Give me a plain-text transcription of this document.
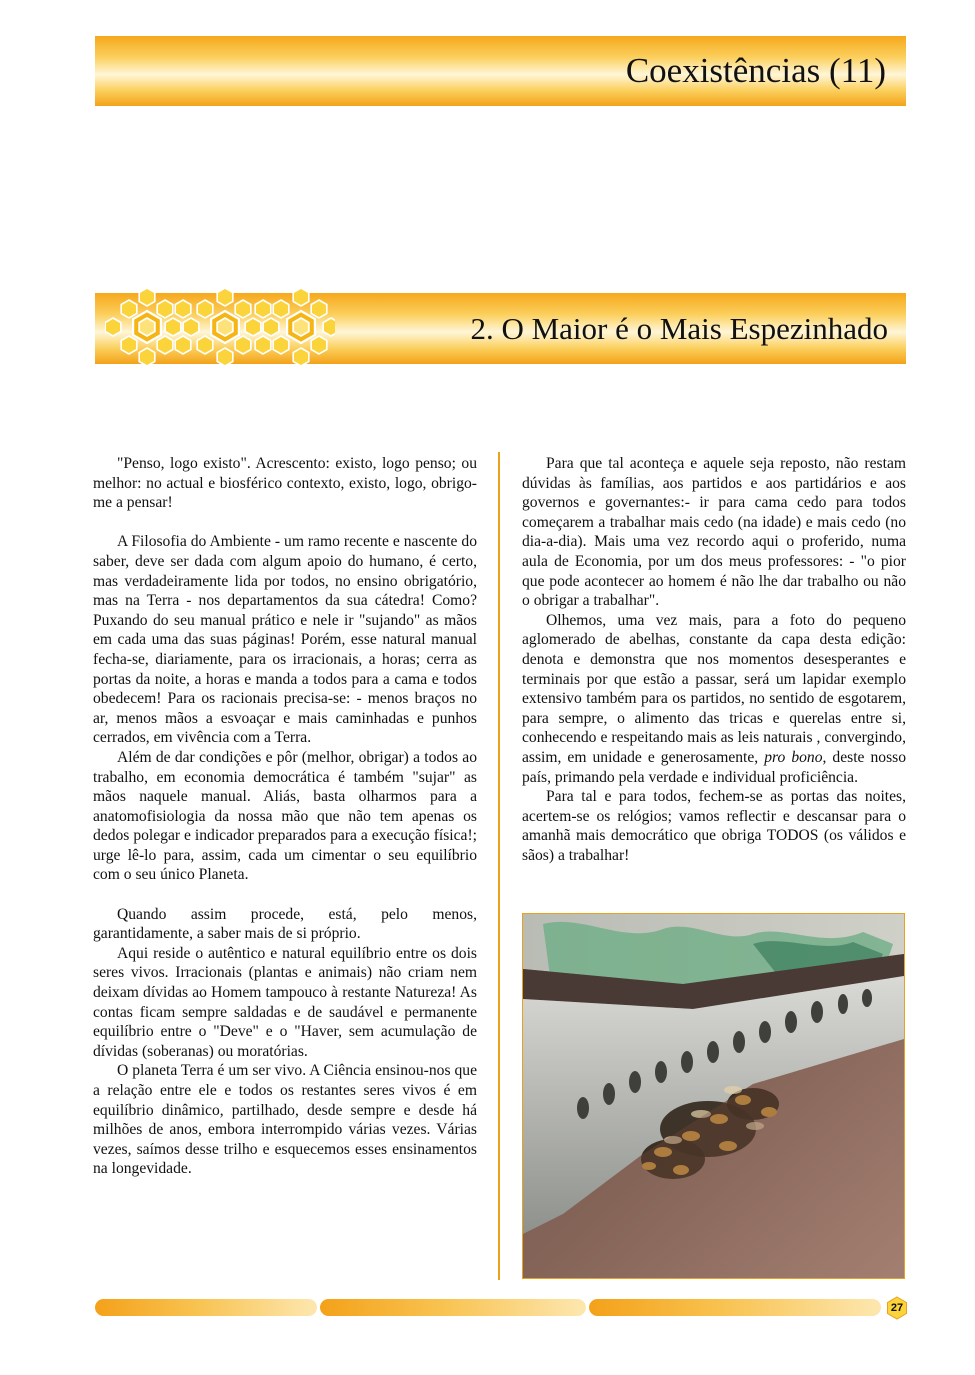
Coexistências (11)
2. O Maior é o Mais Espezinhado

"Penso, logo existo". Acrescento: existo, logo penso; ou melhor: no actual e biosférico contexto, existo, logo, obrigo-me a pensar!

A Filosofia do Ambiente - um ramo recente e nascente do saber, deve ser dada com algum apoio do humano, é certo, mas verdadeiramente lida por todos, no ensino obrigatório, mas na Terra - nos departamentos da sua cátedra! Como? Puxando do seu manual prático e nele ir "sujando" as mãos em cada uma das suas páginas! Porém, esse natural manual fecha-se, diariamente, para os irracionais, a horas; cerra as portas da noite, a horas e manda a todos para a cama e todos obedecem! Para os racionais precisa-se: - menos braços no ar, menos mãos a esvoaçar e mais caminhadas e punhos cerrados, em vivência com a Terra.

Além de dar condições e pôr (melhor, obrigar) a todos ao trabalho, em economia democrática é também "sujar" as mãos naquele manual. Aliás, basta olharmos para a anatomofisiologia da nossa mão que não tem apenas os dedos polegar e indicador preparados para a execução física!; urge lê-lo para, assim, cada um cimentar o seu equilíbrio com o seu único Planeta.

Quando assim procede, está, pelo menos, garantidamente, a saber mais de si próprio.

Aqui reside o autêntico e natural equilíbrio entre os dois seres vivos. Irracionais (plantas e animais) não criam nem deixam dívidas ao Homem tampouco à restante Natureza! As contas ficam sempre saldadas e de saudável e permanente equilíbrio entre o "Deve" e o "Haver, sem acumulação de dívidas (soberanas) ou moratórias.

O planeta Terra é um ser vivo. A Ciência ensinou-nos que a relação entre ele e todos os restantes seres vivos é em equilíbrio dinâmico, partilhado, desde sempre e desde há milhões de anos, embora interrompido várias vezes. Várias vezes, saímos desse trilho e esquecemos esses ensinamentos na longevidade.

Para que tal aconteça e aquele seja reposto, não restam dúvidas às famílias, aos partidos e aos partidários e aos governos e governantes:- ir para cama cedo para todos começarem a trabalhar mais cedo (na idade) e mais cedo (no dia-a-dia). Mais uma vez recordo aqui o proferido, numa aula de Economia, por um dos meus professores: - "o pior que pode acontecer ao homem é não lhe dar trabalho ou não o obrigar a trabalhar".

Olhemos, uma vez mais, para a foto do pequeno aglomerado de abelhas, constante da capa desta edição: denota e demonstra que nos momentos desesperantes e terminais por que estão a passar, será um lapidar exemplo extensivo também para os partidos, no sentido de esgotarem, para sempre, o alimento das tricas e querelas entre si, conhecendo e respeitando mais as leis naturais , convergindo, assim, em unidade e generosamente, pro bono, deste nosso país, primando pela verdade e individual proficiência.

Para tal e para todos, fechem-se as portas das noites, acertem-se os relógios; vamos reflectir e descansar para o amanhã mais democrático que obriga TODOS (os válidos e sãos) a trabalhar!

27
